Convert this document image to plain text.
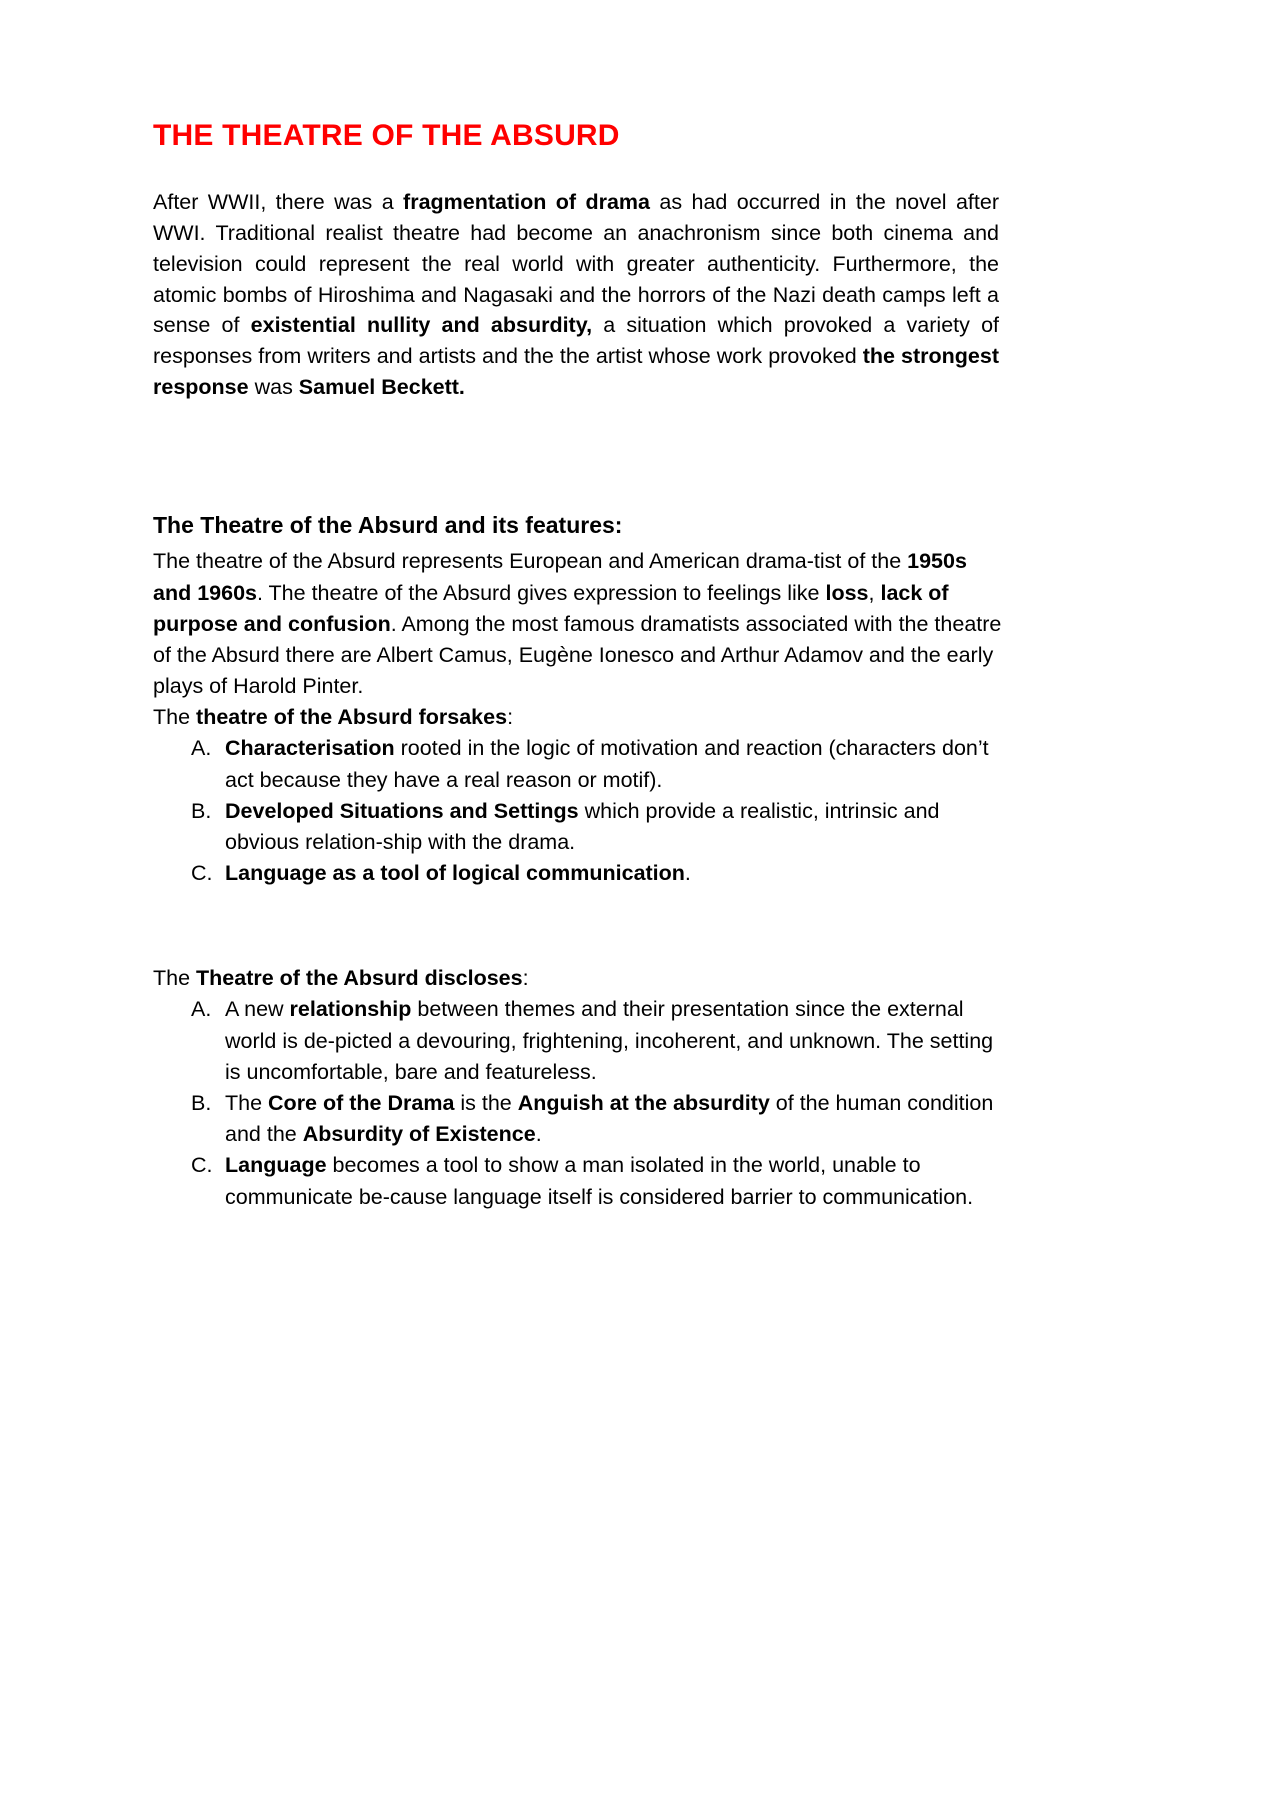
THE THEATRE OF THE ABSURD

After WWII, there was a fragmentation of drama as had occurred in the novel after WWI. Traditional realist theatre had become an anachronism since both cinema and television could represent the real world with greater authenticity. Furthermore, the atomic bombs of Hiroshima and Nagasaki and the horrors of the Nazi death camps left a sense of existential nullity and absurdity, a situation which provoked a variety of responses from writers and artists and the the artist whose work provoked the strongest response was Samuel Beckett.

The Theatre of the Absurd and its features:

The theatre of the Absurd represents European and American drama-tist of the 1950s and 1960s. The theatre of the Absurd gives expression to feelings like loss, lack of purpose and confusion. Among the most famous dramatists associated with the theatre of the Absurd there are Albert Camus, Eugène Ionesco and Arthur Adamov and the early plays of Harold Pinter.

The theatre of the Absurd forsakes:

A. Characterisation rooted in the logic of motivation and reaction (characters don’t act because they have a real reason or motif).
B. Developed Situations and Settings which provide a realistic, intrinsic and obvious relation-ship with the drama.
C. Language as a tool of logical communication.

The Theatre of the Absurd discloses:

A. A new relationship between themes and their presentation since the external world is de-picted a devouring, frightening, incoherent, and unknown. The setting is uncomfortable, bare and featureless.
B. The Core of the Drama is the Anguish at the absurdity of the human condition and the Absurdity of Existence.
C. Language becomes a tool to show a man isolated in the world, unable to communicate be-cause language itself is considered barrier to communication.
